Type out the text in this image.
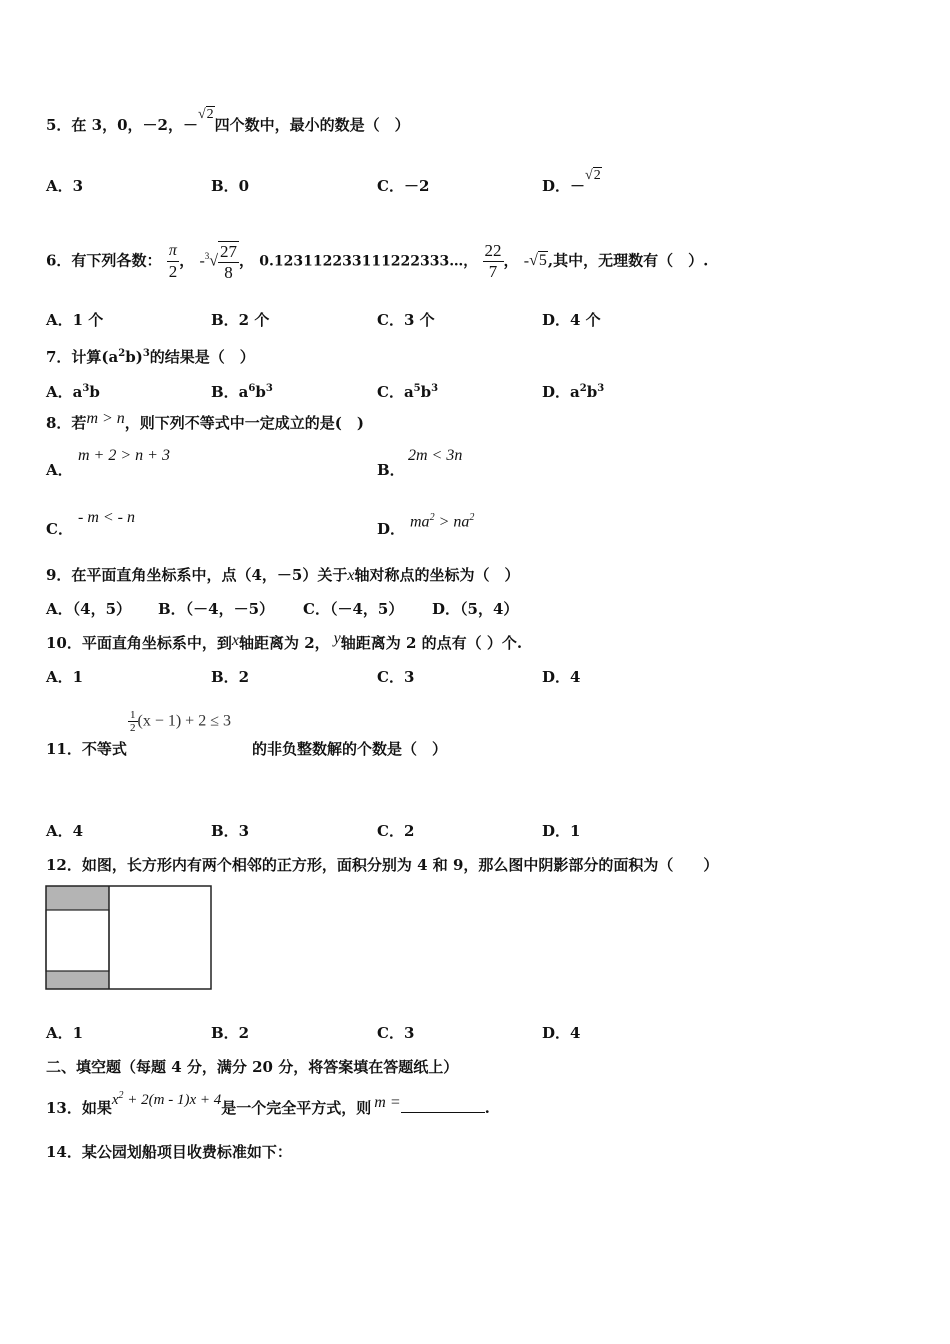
5．在 3，0，－2，－√2四个数中，最小的数是（　）
A．3	B．0	C．－2	D．－√2
6．有下列各数： $\frac{\pi}{2}$ ， $-^3√ \frac{27}{8}$ ， 0.123112233111222333…， $\frac{22}{7}$ ， -√5,其中，无理数有（　）.
A．1 个	B．2 个	C．3 个	D．4 个
7．计算$(a^2b)^3$的结果是（　）
A．$a^3b$	B．$a^6b^3$	C．$a^5b^3$	D．$a^2b^3$
8．若m > n，则下列不等式中一定成立的是(　)
A．
m + 2 > n + 3
B．
2m < 3n
C．
- m < - n
D． $ma^2 > na^2$
9．在平面直角坐标系中，点（4，－5）关于x轴对称点的坐标为（　）
A．（4，5） B．（－4，－5） C．（－4，5） D．（5，4）
10．平面直角坐标系中，到x轴距离为 2， y轴距离为 2 的点有（ ）个.
A．1	B．2	C．3	D．4
$\frac{1}{2} (x - 1) + 2 \le 3$
11．不等式	的非负整数解的个数是（　）
A．4	B．3	C．2	D．1
12．如图，长方形内有两个相邻的正方形，面积分别为 4 和 9，那么图中阴影部分的面积为（　　）
A．1	B．2	C．3	D．4
二、填空题（每题 4 分，满分 20 分，将答案填在答题纸上）
13．如果$x^2 + 2(m - 1)x + 4$是一个完全平方式，则 m =	.
14．某公园划船项目收费标准如下：
